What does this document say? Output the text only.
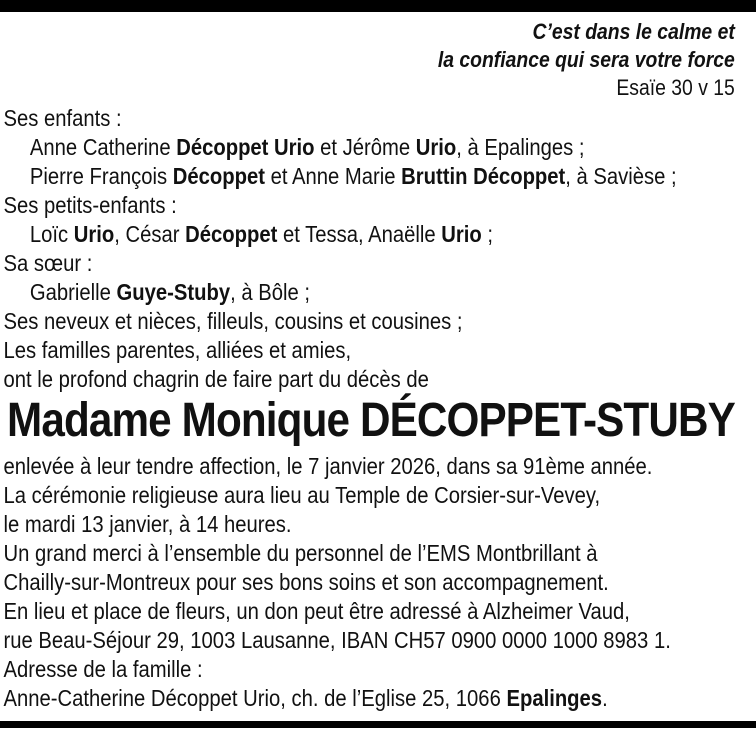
C’est dans le calme et
la confiance qui sera votre force
Esaïe 30 v 15
Ses enfants :
Anne Catherine Décoppet Urio et Jérôme Urio, à Epalinges ;
Pierre François Décoppet et Anne Marie Bruttin Décoppet, à Savièse ;
Ses petits-enfants :
Loïc Urio, César Décoppet et Tessa, Anaëlle Urio ;
Sa sœur :
Gabrielle Guye-Stuby, à Bôle ;
Ses neveux et nièces, filleuls, cousins et cousines ;
Les familles parentes, alliées et amies,
ont le profond chagrin de faire part du décès de
Madame Monique DÉCOPPET-STUBY
enlevée à leur tendre affection, le 7 janvier 2026, dans sa 91ème année.
La cérémonie religieuse aura lieu au Temple de Corsier-sur-Vevey,
le mardi 13 janvier, à 14 heures.
Un grand merci à l’ensemble du personnel de l’EMS Montbrillant à
Chailly-sur-Montreux pour ses bons soins et son accompagnement.
En lieu et place de fleurs, un don peut être adressé à Alzheimer Vaud,
rue Beau-Séjour 29, 1003 Lausanne, IBAN CH57 0900 0000 1000 8983 1.
Adresse de la famille :
Anne-Catherine Décoppet Urio, ch. de l’Eglise 25, 1066 Epalinges.
